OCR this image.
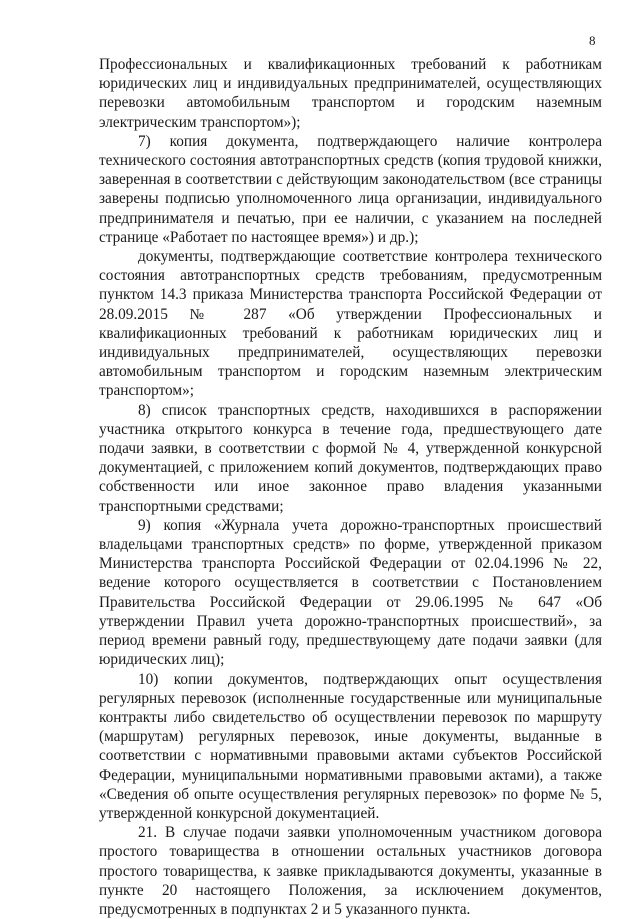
8

Профессиональных и квалификационных требований к работникам юридических лиц и индивидуальных предпринимателей, осуществляющих перевозки автомобильным транспортом и городским наземным электрическим транспортом»);

7) копия документа, подтверждающего наличие контролера технического состояния автотранспортных средств (копия трудовой книжки, заверенная в соответствии с действующим законодательством (все страницы заверены подписью уполномоченного лица организации, индивидуального предпринимателя и печатью, при ее наличии, с указанием на последней странице «Работает по настоящее время») и др.);

документы, подтверждающие соответствие контролера технического состояния автотранспортных средств требованиям, предусмотренным пунктом 14.3 приказа Министерства транспорта Российской Федерации от 28.09.2015 № 287 «Об утверждении Профессиональных и квалификационных требований к работникам юридических лиц и индивидуальных предпринимателей, осуществляющих перевозки автомобильным транспортом и городским наземным электрическим транспортом»;

8) список транспортных средств, находившихся в распоряжении участника открытого конкурса в течение года, предшествующего дате подачи заявки, в соответствии с формой № 4, утвержденной конкурсной документацией, с приложением копий документов, подтверждающих право собственности или иное законное право владения указанными транспортными средствами;

9) копия «Журнала учета дорожно-транспортных происшествий владельцами транспортных средств» по форме, утвержденной приказом Министерства транспорта Российской Федерации от 02.04.1996 № 22, ведение которого осуществляется в соответствии с Постановлением Правительства Российской Федерации от 29.06.1995 № 647 «Об утверждении Правил учета дорожно-транспортных происшествий», за период времени равный году, предшествующему дате подачи заявки (для юридических лиц);

10) копии документов, подтверждающих опыт осуществления регулярных перевозок (исполненные государственные или муниципальные контракты либо свидетельство об осуществлении перевозок по маршруту (маршрутам) регулярных перевозок, иные документы, выданные в соответствии с нормативными правовыми актами субъектов Российской Федерации, муниципальными нормативными правовыми актами), а также «Сведения об опыте осуществления регулярных перевозок» по форме № 5, утвержденной конкурсной документацией.

21. В случае подачи заявки уполномоченным участником договора простого товарищества в отношении остальных участников договора простого товарищества, к заявке прикладываются документы, указанные в пункте 20 настоящего Положения, за исключением документов, предусмотренных в подпунктах 2 и 5 указанного пункта.
